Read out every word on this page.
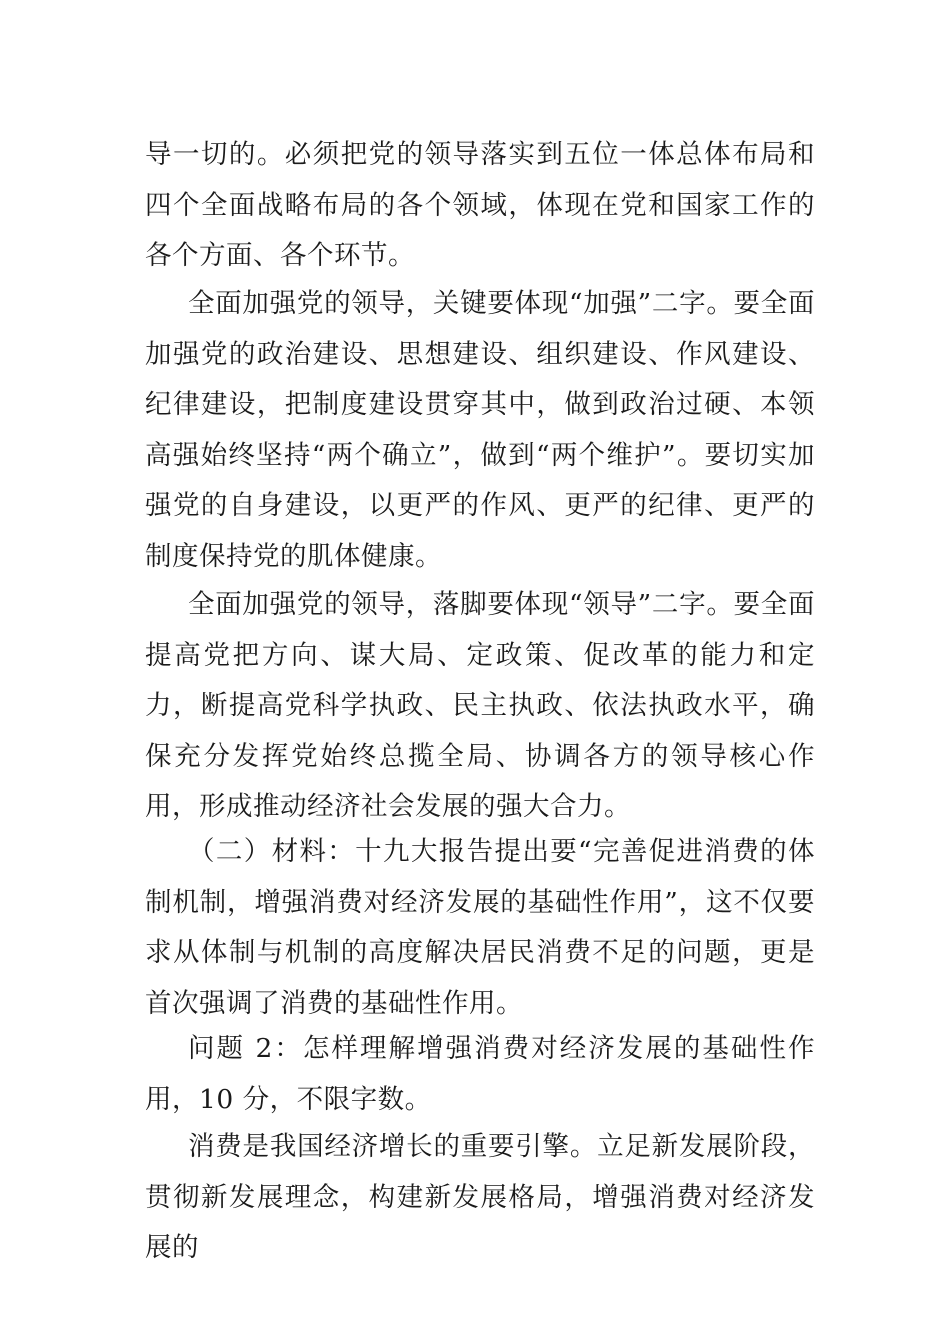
导一切的。必须把党的领导落实到五位一体总体布局和四个全面战略布局的各个领域，体现在党和国家工作的各个方面、各个环节。

全面加强党的领导，关键要体现“加强”二字。要全面加强党的政治建设、思想建设、组织建设、作风建设、纪律建设，把制度建设贯穿其中，做到政治过硬、本领高强始终坚持“两个确立”，做到“两个维护”。要切实加强党的自身建设，以更严的作风、更严的纪律、更严的制度保持党的肌体健康。

全面加强党的领导，落脚要体现“领导”二字。要全面提高党把方向、谋大局、定政策、促改革的能力和定力，断提高党科学执政、民主执政、依法执政水平，确保充分发挥党始终总揽全局、协调各方的领导核心作用，形成推动经济社会发展的强大合力。

（二）材料：十九大报告提出要“完善促进消费的体制机制，增强消费对经济发展的基础性作用”，这不仅要求从体制与机制的高度解决居民消费不足的问题，更是首次强调了消费的基础性作用。

问题 2：怎样理解增强消费对经济发展的基础性作用，10 分，不限字数。

消费是我国经济增长的重要引擎。立足新发展阶段，贯彻新发展理念，构建新发展格局，增强消费对经济发展的
